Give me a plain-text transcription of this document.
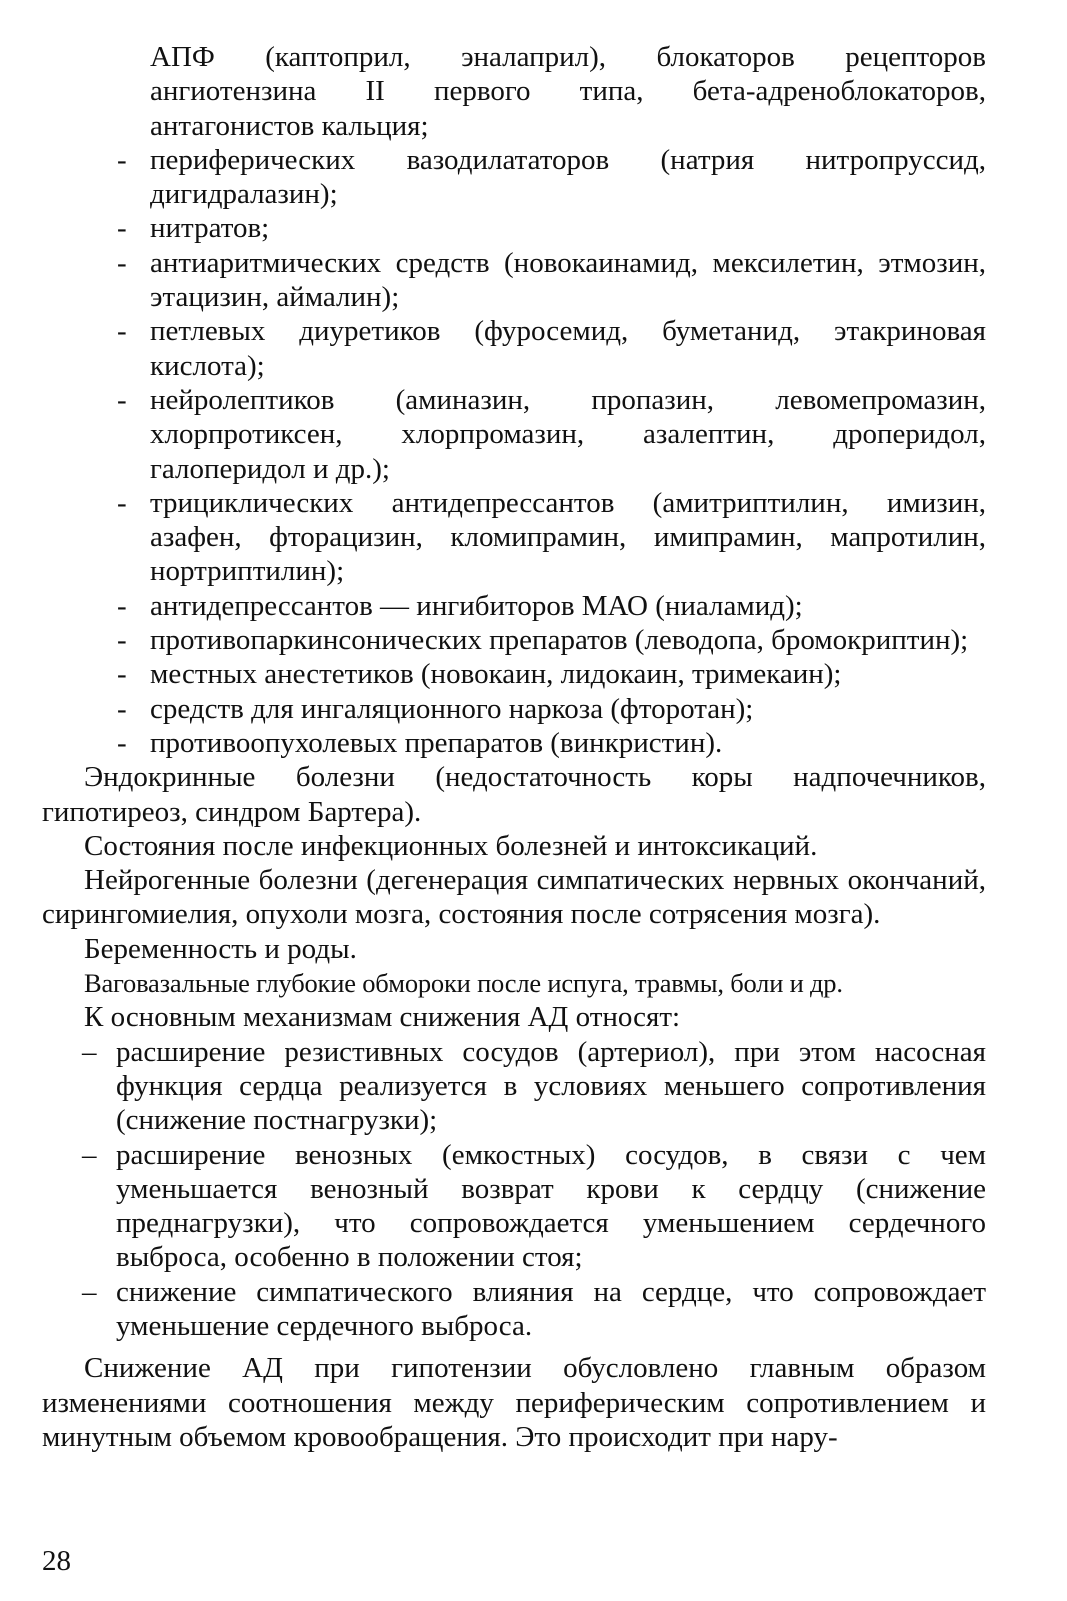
АПФ (каптоприл, эналаприл), блокаторов рецепторов ангиотензина II первого типа, бета-адреноблокаторов, антагонистов кальция;

- периферических вазодилататоров (натрия нитропруссид, дигидралазин);
- нитратов;
- антиаритмических средств (новокаинамид, мексилетин, этмозин, этацизин, аймалин);
- петлевых диуретиков (фуросемид, буметанид, этакриновая кислота);
- нейролептиков (аминазин, пропазин, левомепромазин, хлорпротиксен, хлорпромазин, азалептин, дроперидол, галоперидол и др.);
- трициклических антидепрессантов (амитриптилин, имизин, азафен, фторацизин, кломипрамин, имипрамин, мапротилин, нортриптилин);
- антидепрессантов — ингибиторов МАО (ниаламид);
- противопаркинсонических препаратов (леводопа, бромокриптин);
- местных анестетиков (новокаин, лидокаин, тримекаин);
- средств для ингаляционного наркоза (фторотан);
- противоопухолевых препаратов (винкристин).

Эндокринные болезни (недостаточность коры надпочечников, гипотиреоз, синдром Бартера).

Состояния после инфекционных болезней и интоксикаций.

Нейрогенные болезни (дегенерация симпатических нервных окончаний, сирингомиелия, опухоли мозга, состояния после сотрясения мозга).

Беременность и роды.

Ваговазальные глубокие обмороки после испуга, травмы, боли и др.

К основным механизмам снижения АД относят:

– расширение резистивных сосудов (артериол), при этом насосная функция сердца реализуется в условиях меньшего сопротивления (снижение постнагрузки);
– расширение венозных (емкостных) сосудов, в связи с чем уменьшается венозный возврат крови к сердцу (снижение преднагрузки), что сопровождается уменьшением сердечного выброса, особенно в положении стоя;
– снижение симпатического влияния на сердце, что сопровождает уменьшение сердечного выброса.

Снижение АД при гипотензии обусловлено главным образом изменениями соотношения между периферическим сопротивлением и минутным объемом кровообращения. Это происходит при нару-

28
